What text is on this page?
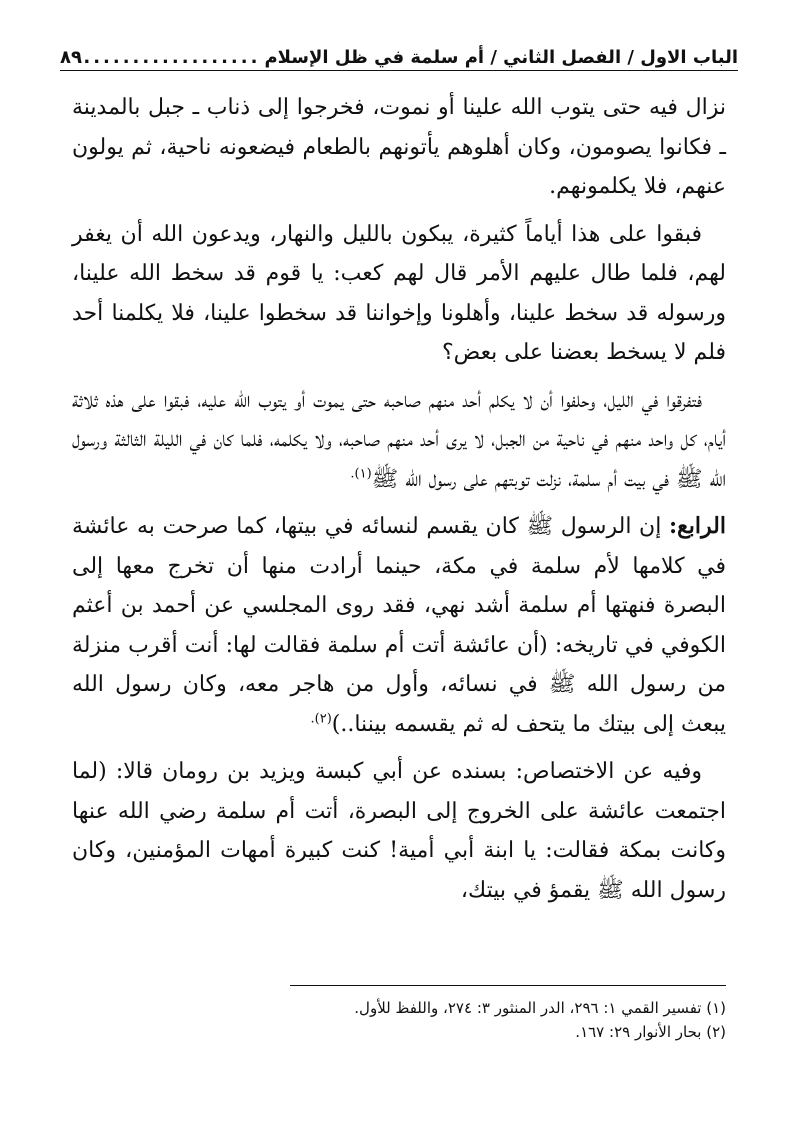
الباب الاول / الفصل الثاني / أم سلمة في ظل الإسلام
.....
٨٩

نزال فيه حتى يتوب الله علينا أو نموت، فخرجوا إلى ذناب ـ جبل بالمدينة ـ فكانوا يصومون، وكان أهلوهم يأتونهم بالطعام فيضعونه ناحية، ثم يولون عنهم، فلا يكلمونهم.

فبقوا على هذا أياماً كثيرة، يبكون بالليل والنهار، ويدعون الله أن يغفر لهم، فلما طال عليهم الأمر قال لهم كعب: يا قوم قد سخط الله علينا، ورسوله قد سخط علينا، وأهلونا وإخواننا قد سخطوا علينا، فلا يكلمنا أحد فلم لا يسخط بعضنا على بعض؟

فتفرقوا في الليل، وحلفوا أن لا يكلم أحد منهم صاحبه حتى يموت أو يتوب الله عليه، فبقوا على هذه ثلاثة أيام، كل واحد منهم في ناحية من الجبل، لا يرى أحد منهم صاحبه، ولا يكلمه، فلما كان في الليلة الثالثة ورسول الله ﷺ في بيت أم سلمة، نزلت توبتهم على رسول الله ﷺ$^{(١).}$

الرابع: إن الرسول ﷺ كان يقسم لنسائه في بيتها، كما صرحت به عائشة في كلامها لأم سلمة في مكة، حينما أرادت منها أن تخرج معها إلى البصرة فنهتها أم سلمة أشد نهي، فقد روى المجلسي عن أحمد بن أعثم الكوفي في تاريخه: (أن عائشة أتت أم سلمة فقالت لها: أنت أقرب منزلة من رسول الله ﷺ في نسائه، وأول من هاجر معه، وكان رسول الله يبعث إلى بيتك ما يتحف له ثم يقسمه بيننا..)$^{(٢).}$

وفيه عن الاختصاص: بسنده عن أبي كبسة ويزيد بن رومان قالا: (لما اجتمعت عائشة على الخروج إلى البصرة، أتت أم سلمة رضي الله عنها وكانت بمكة فقالت: يا ابنة أبي أمية! كنت كبيرة أمهات المؤمنين، وكان رسول الله ﷺ يقمؤ في بيتك،

(١) تفسير القمي ١: ٢٩٦، الدر المنثور ٣: ٢٧٤، واللفظ للأول.
(٢) بحار الأنوار ٢٩: ١٦٧.
